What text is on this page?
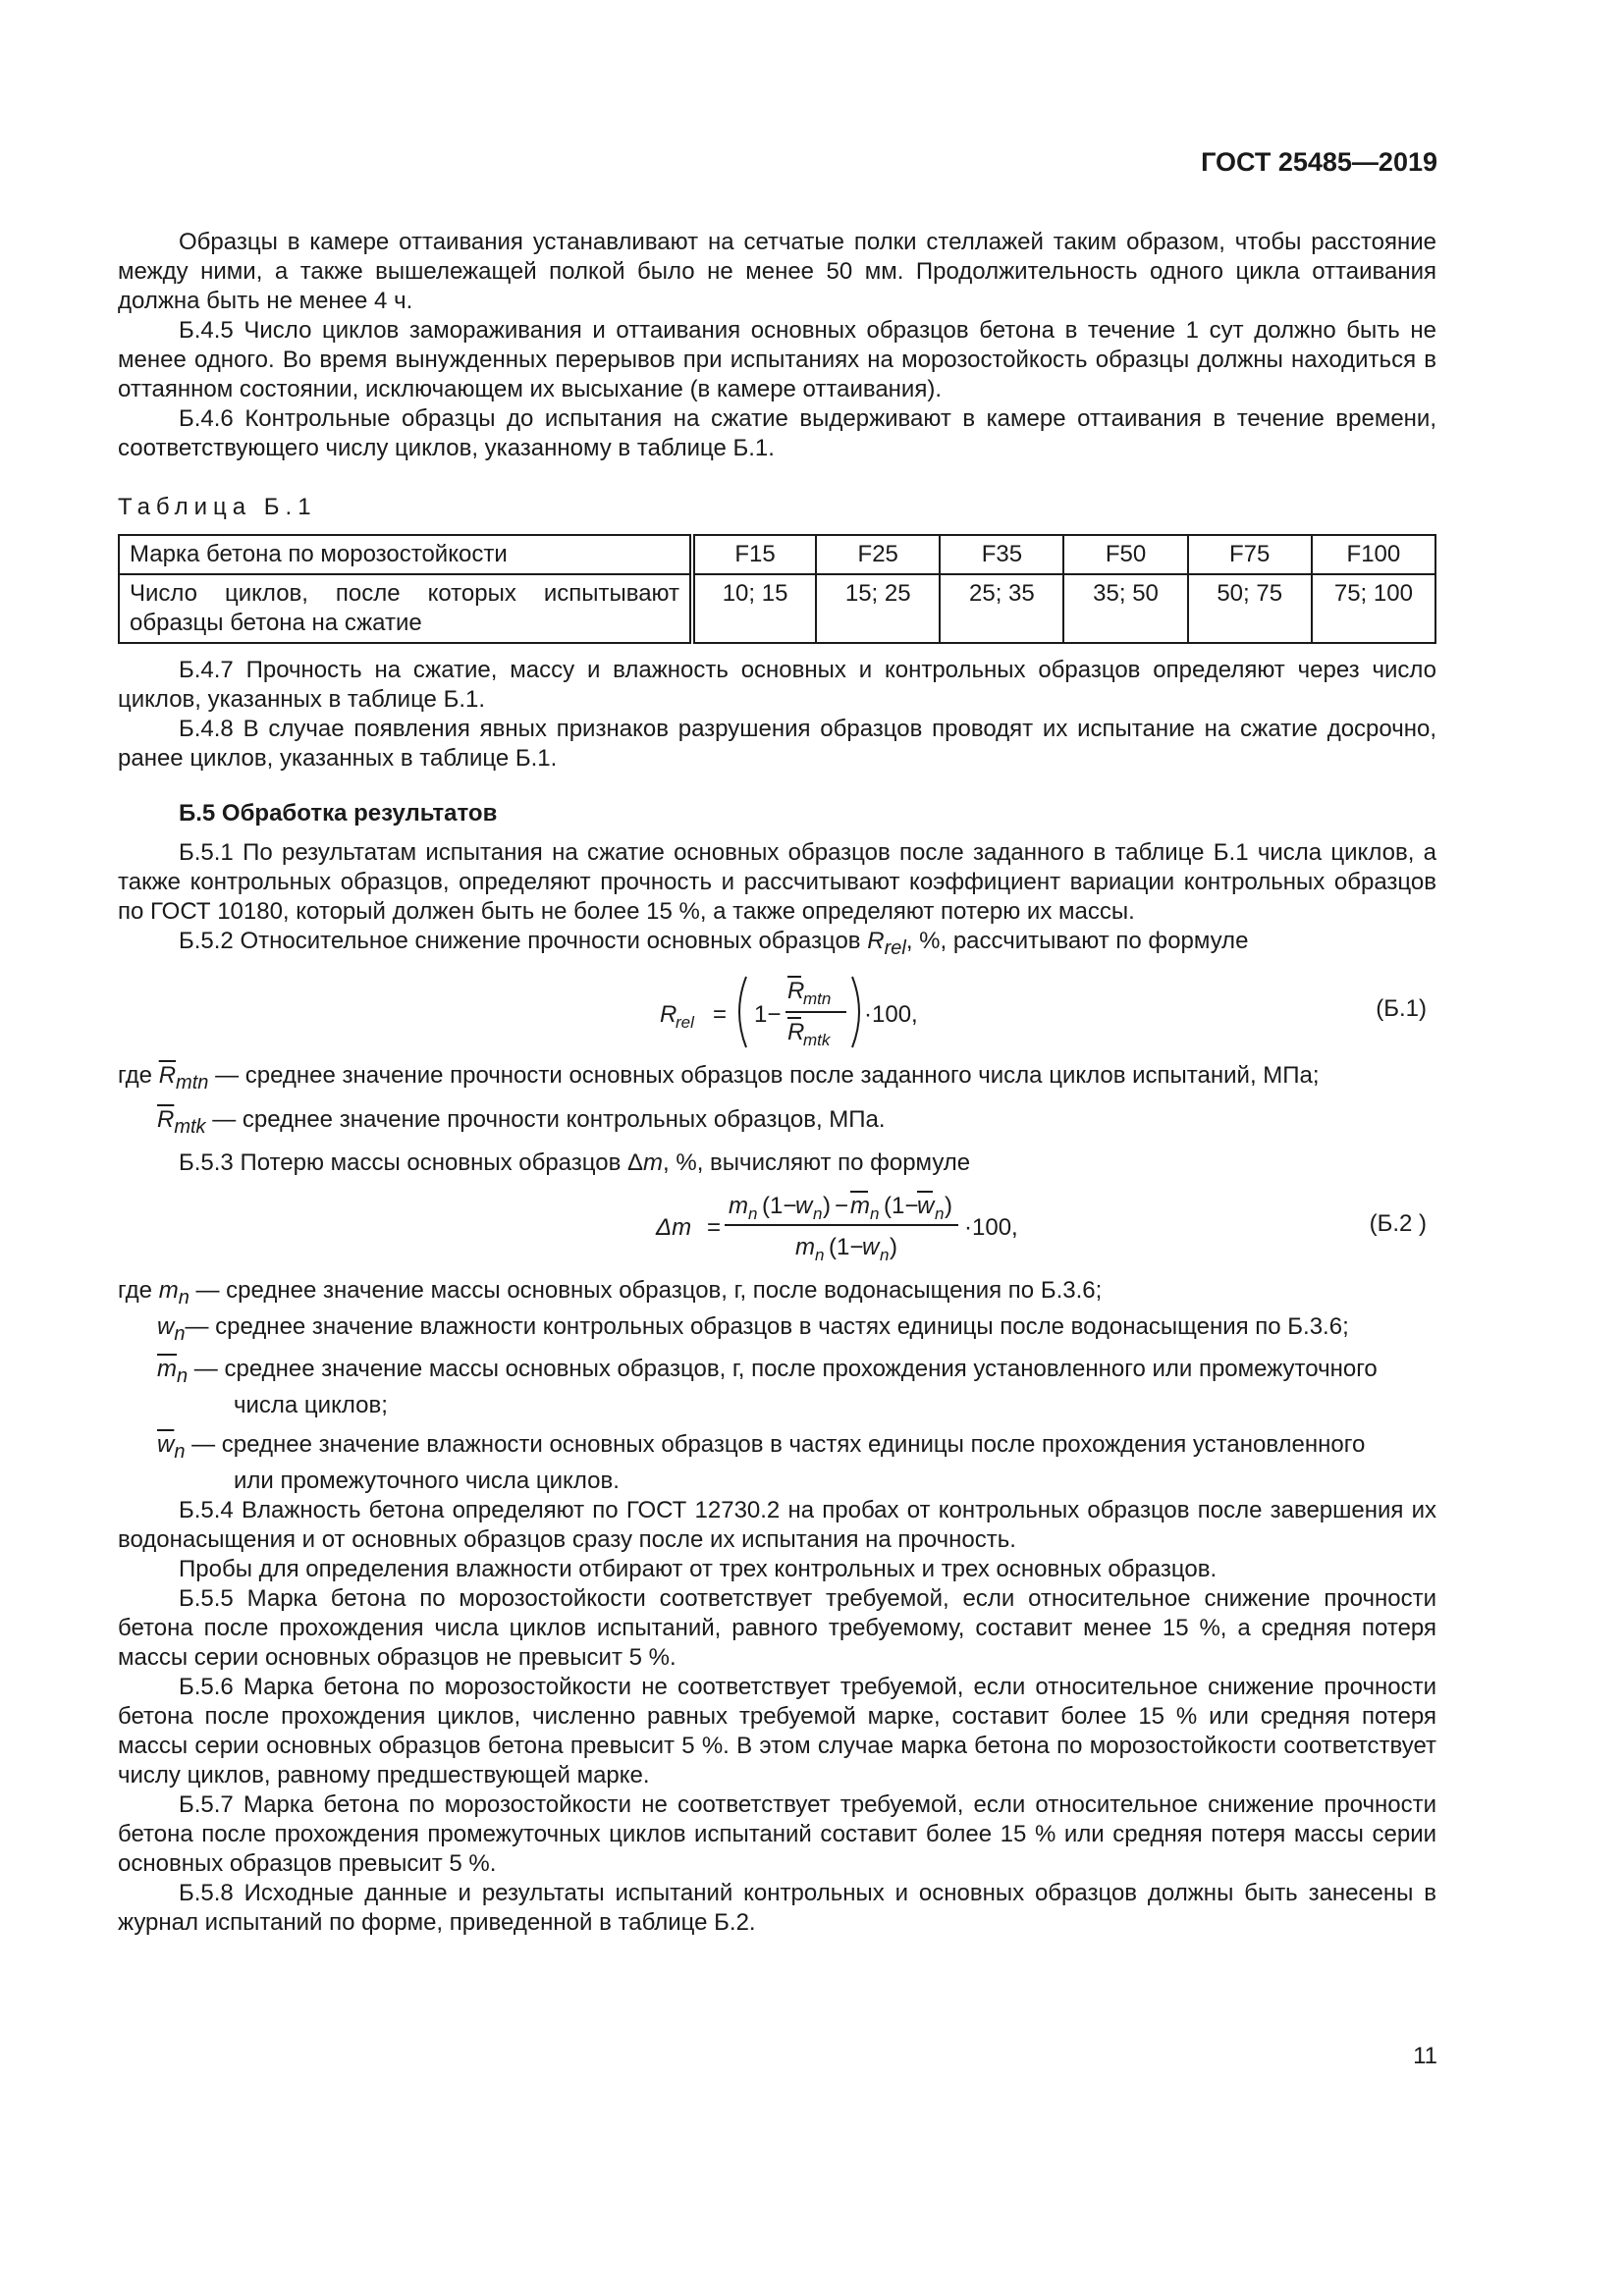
ГОСТ 25485—2019

Образцы в камере оттаивания устанавливают на сетчатые полки стеллажей таким образом, чтобы расстояние между ними, а также вышележащей полкой было не менее 50 мм. Продолжительность одного цикла оттаивания должна быть не менее 4 ч.

Б.4.5 Число циклов замораживания и оттаивания основных образцов бетона в течение 1 сут должно быть не менее одного. Во время вынужденных перерывов при испытаниях на морозостойкость образцы должны находиться в оттаянном состоянии, исключающем их высыхание (в камере оттаивания).

Б.4.6 Контрольные образцы до испытания на сжатие выдерживают в камере оттаивания в течение времени, соответствующего числу циклов, указанному в таблице Б.1.

Таблица Б.1

Марка бетона по морозостойкости	F15	F25	F35	F50	F75	F100
Число циклов, после которых испытывают образцы бетона на сжатие	10; 15	15; 25	25; 35	35; 50	50; 75	75; 100

Б.4.7 Прочность на сжатие, массу и влажность основных и контрольных образцов определяют через число циклов, указанных в таблице Б.1.

Б.4.8 В случае появления явных признаков разрушения образцов проводят их испытание на сжатие досрочно, ранее циклов, указанных в таблице Б.1.

Б.5 Обработка результатов

Б.5.1 По результатам испытания на сжатие основных образцов после заданного в таблице Б.1 числа циклов, а также контрольных образцов, определяют прочность и рассчитывают коэффициент вариации контрольных образцов по ГОСТ 10180, который должен быть не более 15 %, а также определяют потерю их массы.

Б.5.2 Относительное снижение прочности основных образцов $R_{rel}$, %, рассчитывают по формуле

R
rel = 1−
R
mtn
R
mtk
·100,	(Б.1)

где $\overline{R}_{mtn}$ — среднее значение прочности основных образцов после заданного числа циклов испытаний, МПа;

$\overline{R}_{mtk}$ — среднее значение прочности контрольных образцов, МПа.

Б.5.3 Потерю массы основных образцов Δm, %, вычисляют по формуле

Δm =
m n (1−
w n ) − m n (1−
w n )
m n (1−
w n )
·100,	(Б.2 )

где $m_n$ — среднее значение массы основных образцов, г, после водонасыщения по Б.3.6;

$w_n—$ среднее значение влажности контрольных образцов в частях единицы после водонасыщения по Б.3.6;

$\overline{m}_n$ — среднее значение массы основных образцов, г, после прохождения установленного или промежуточного

числа циклов;

$\overline{w}_n$ — среднее значение влажности основных образцов в частях единицы после прохождения установленного

или промежуточного числа циклов.

Б.5.4 Влажность бетона определяют по ГОСТ 12730.2 на пробах от контрольных образцов после завершения их водонасыщения и от основных образцов сразу после их испытания на прочность.

Пробы для определения влажности отбирают от трех контрольных и трех основных образцов.

Б.5.5 Марка бетона по морозостойкости соответствует требуемой, если относительное снижение прочности бетона после прохождения числа циклов испытаний, равного требуемому, составит менее 15 %, а средняя потеря массы серии основных образцов не превысит 5 %.

Б.5.6 Марка бетона по морозостойкости не соответствует требуемой, если относительное снижение прочности бетона после прохождения циклов, численно равных требуемой марке, составит более 15 % или средняя потеря массы серии основных образцов бетона превысит 5 %. В этом случае марка бетона по морозостойкости соответствует числу циклов, равному предшествующей марке.

Б.5.7 Марка бетона по морозостойкости не соответствует требуемой, если относительное снижение прочности бетона после прохождения промежуточных циклов испытаний составит более 15 % или средняя потеря массы серии основных образцов превысит 5 %.

Б.5.8 Исходные данные и результаты испытаний контрольных и основных образцов должны быть занесены в журнал испытаний по форме, приведенной в таблице Б.2.

11
